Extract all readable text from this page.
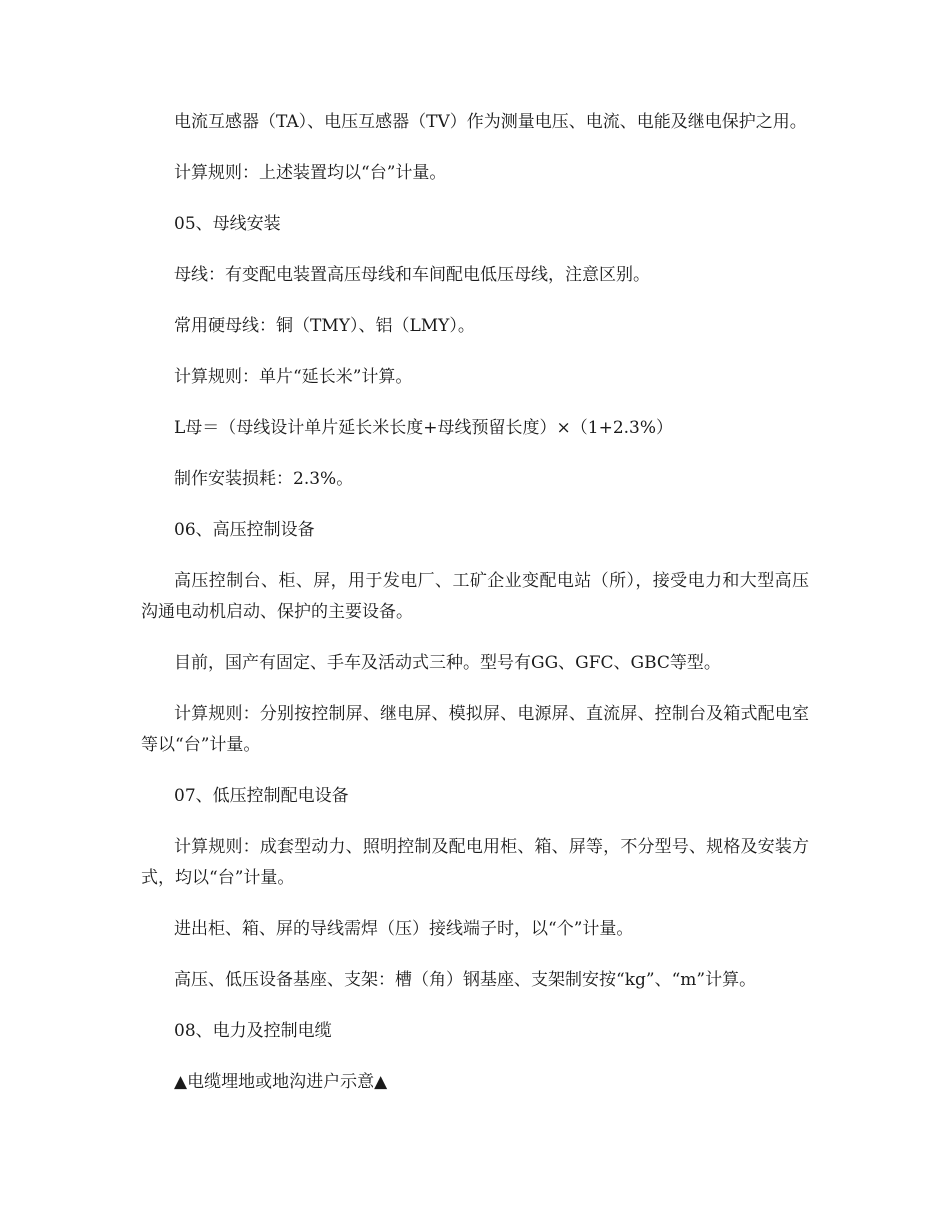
电流互感器（TA）、电压互感器（TV）作为测量电压、电流、电能及继电保护之用。

计算规则：上述装置均以“台”计量。

05、母线安装

母线：有变配电装置高压母线和车间配电低压母线，注意区别。

常用硬母线：铜（TMY）、铝（LMY）。

计算规则：单片“延长米”计算。

L母＝（母线设计单片延长米长度+母线预留长度）×（1+2.3%）

制作安装损耗：2.3%。

06、高压控制设备

高压控制台、柜、屏，用于发电厂、工矿企业变配电站（所），接受电力和大型高压沟通电动机启动、保护的主要设备。

目前，国产有固定、手车及活动式三种。型号有GG、GFC、GBC等型。

计算规则：分别按控制屏、继电屏、模拟屏、电源屏、直流屏、控制台及箱式配电室等以“台”计量。

07、低压控制配电设备

计算规则：成套型动力、照明控制及配电用柜、箱、屏等，不分型号、规格及安装方式，均以“台”计量。

进出柜、箱、屏的导线需焊（压）接线端子时，以“个”计量。

高压、低压设备基座、支架：槽（角）钢基座、支架制安按“kg”、“m”计算。

08、电力及控制电缆

▲电缆埋地或地沟进户示意▲
